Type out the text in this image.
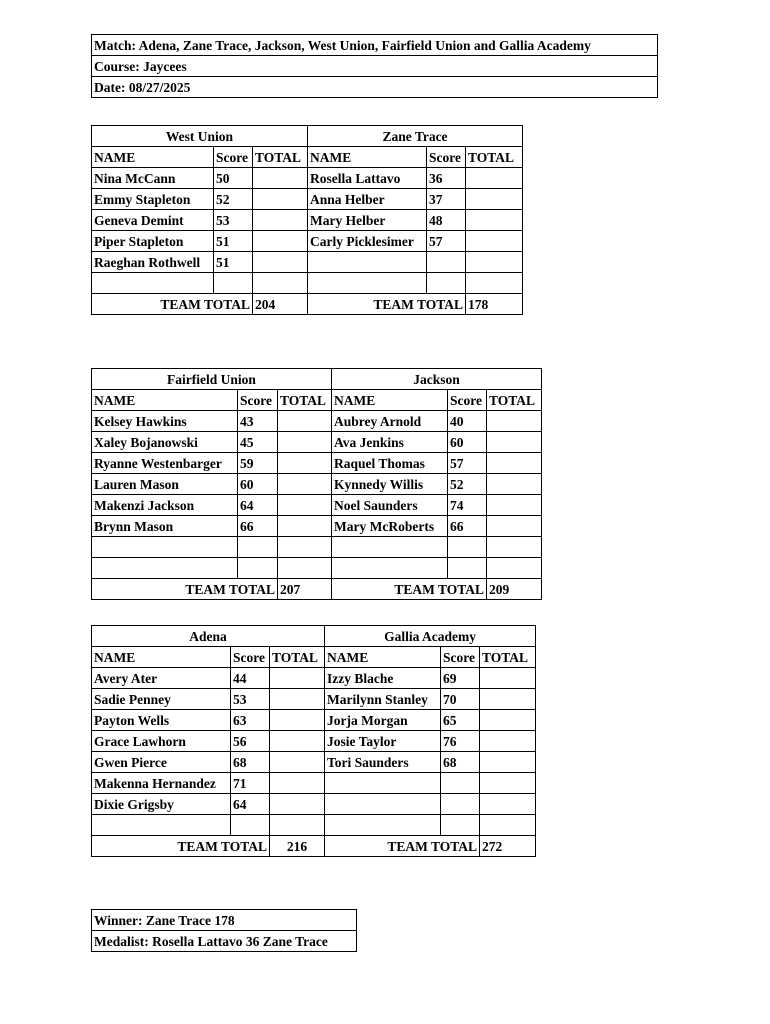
Match: Adena, Zane Trace, Jackson, West Union, Fairfield Union and Gallia Academy
Course: Jaycees
Date: 08/27/2025
West Union			Zane Trace		
NAME	Score	TOTAL	NAME	Score	TOTAL
Nina McCann	50		Rosella Lattavo	36	
Emmy Stapleton	52		Anna Helber	37	
Geneva Demint	53		Mary Helber	48	
Piper Stapleton	51		Carly Picklesimer	57	
Raeghan Rothwell	51				

TEAM TOTAL		204	TEAM TOTAL		178
Fairfield Union			Jackson		
NAME	Score	TOTAL	NAME	Score	TOTAL
Kelsey Hawkins	43		Aubrey Arnold	40	
Xaley Bojanowski	45		Ava Jenkins	60	
Ryanne Westenbarger	59		Raquel Thomas	57	
Lauren Mason	60		Kynnedy Willis	52	
Makenzi Jackson	64		Noel Saunders	74	
Brynn Mason	66		Mary McRoberts	66	

TEAM TOTAL		207	TEAM TOTAL		209
Adena			Gallia Academy		
NAME	Score	TOTAL	NAME	Score	TOTAL
Avery Ater	44		Izzy Blache	69	
Sadie Penney	53		Marilynn Stanley	70	
Payton Wells	63		Jorja Morgan	65	
Grace Lawhorn	56		Josie Taylor	76	
Gwen Pierce	68		Tori Saunders	68	
Makenna Hernandez	71				
Dixie Grigsby	64				

TEAM TOTAL		216	TEAM TOTAL		272
Winner: Zane Trace 178
Medalist: Rosella Lattavo 36 Zane Trace
